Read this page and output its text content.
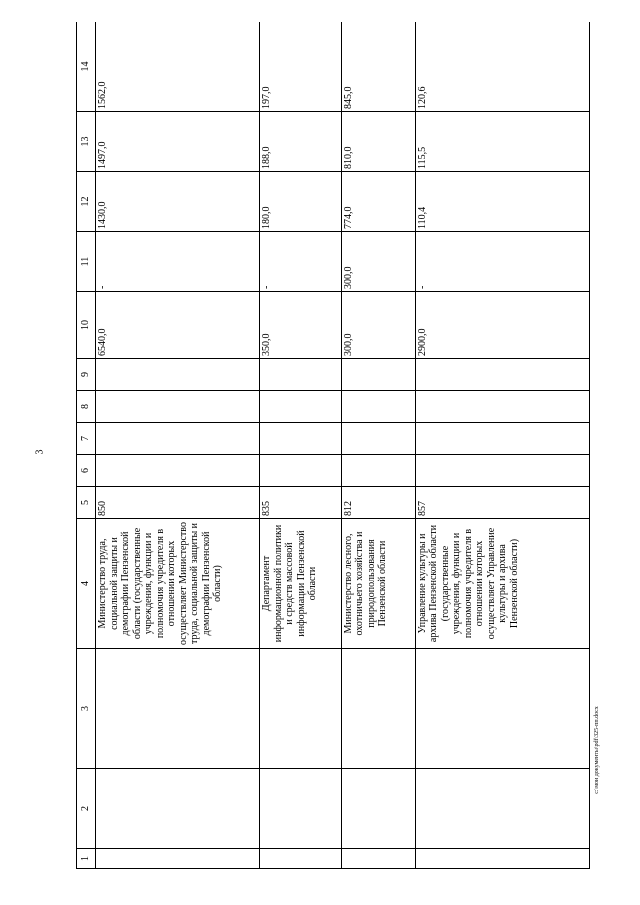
3
1	2	3	4	5	6	7	8	9	10	11	12	13	14
			Министерство труда, социальной защиты и демографии Пензенской области (государственные учреждения, функции и полномочия учредителя в отношении которых осуществляет Министерство труда, социальной защиты и демографии Пензенской области)	850					6540,0	-	1430,0	1497,0	1562,0
			Департамент информационной политики и средств массовой информации Пензенской области	835					350,0	-	180,0	188,0	197,0
			Министерство лесного, охотничьего хозяйства и природопользования Пензенской области	812					300,0	300,0	774,0	810,0	845,0
			Управление культуры и архива Пензенской области (государственные учреждения, функции и полномочия учредителя в отношении которых осуществляет Управление культуры и архива Пензенской области)	857					2900,0	-	110,4	115,5	120,6
с:\мои документы\pdf\325-пп.docx
